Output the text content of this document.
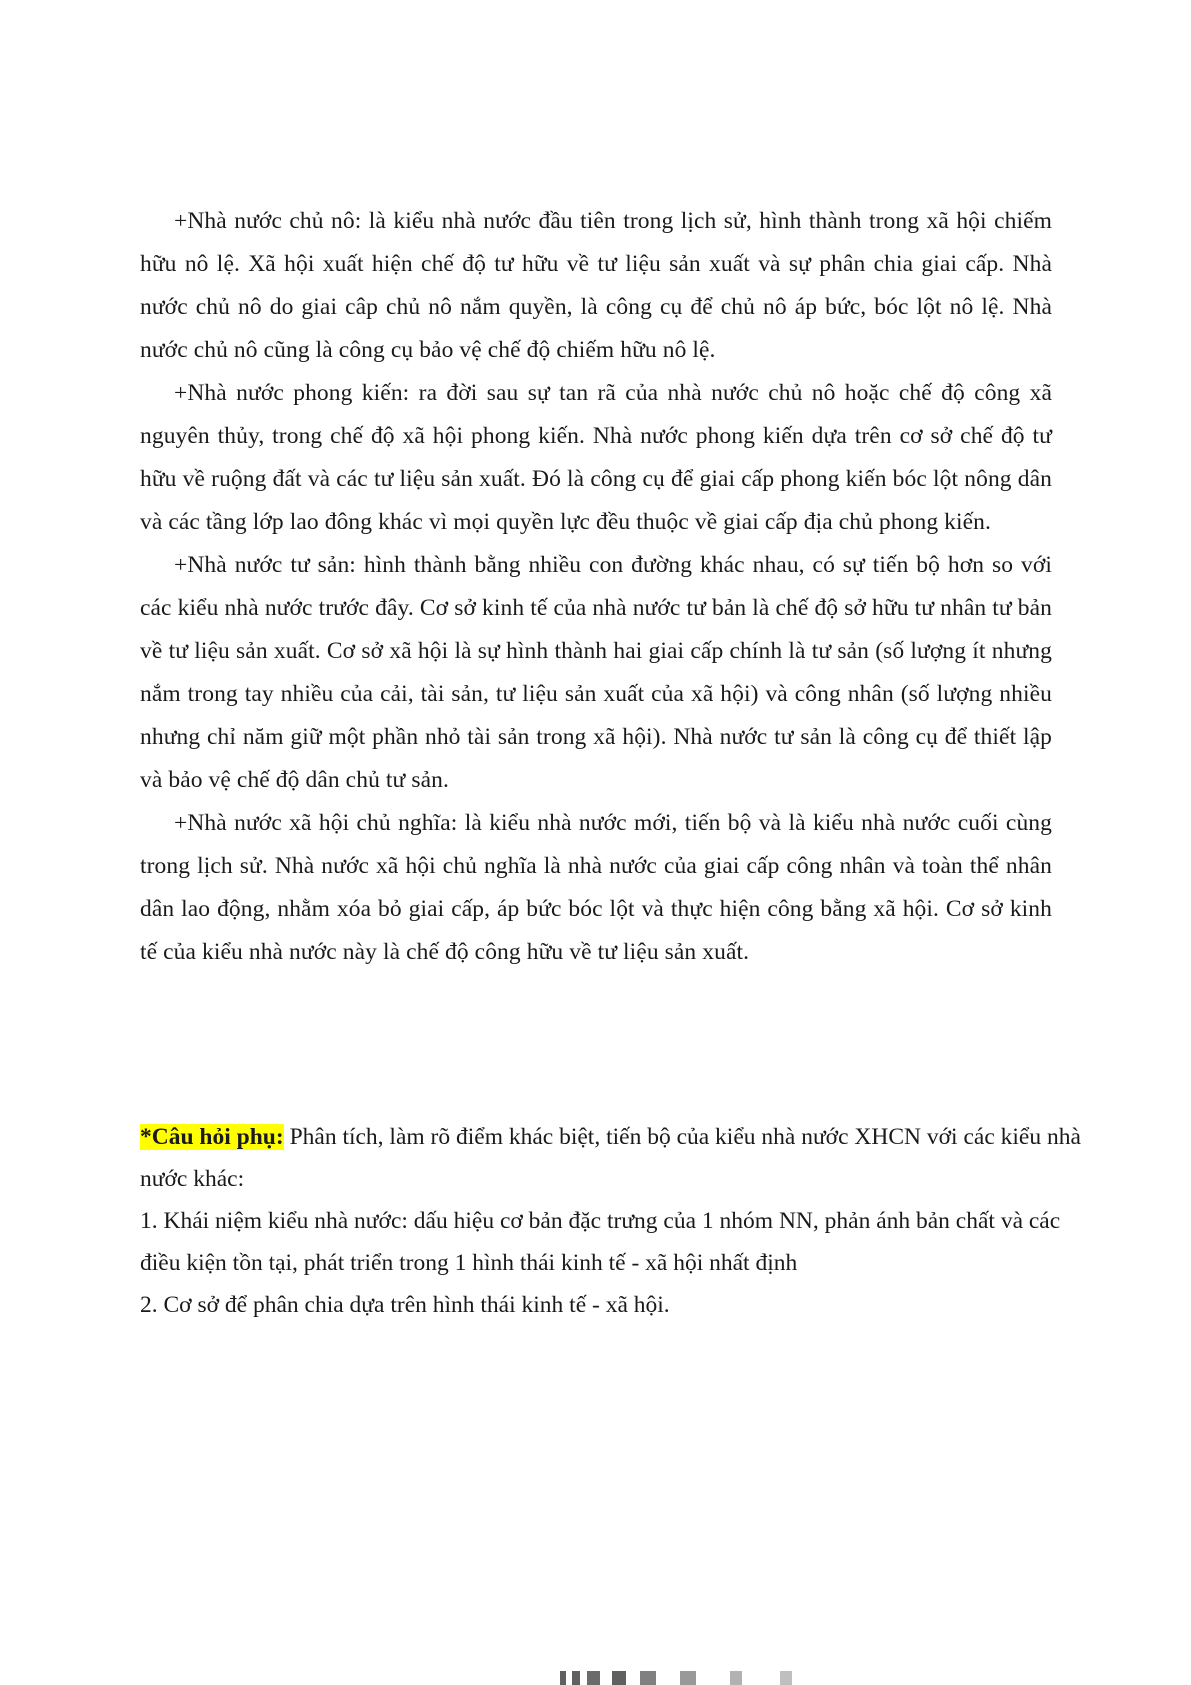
+Nhà nước chủ nô: là kiểu nhà nước đầu tiên trong lịch sử, hình thành trong xã hội chiếm hữu nô lệ. Xã hội xuất hiện chế độ tư hữu về tư liệu sản xuất và sự phân chia giai cấp. Nhà nước chủ nô do giai câp chủ nô nắm quyền, là công cụ để chủ nô áp bức, bóc lột nô lệ. Nhà nước chủ nô cũng là công cụ bảo vệ chế độ chiếm hữu nô lệ.

+Nhà nước phong kiến: ra đời sau sự tan rã của nhà nước chủ nô hoặc chế độ công xã nguyên thủy, trong chế độ xã hội phong kiến. Nhà nước phong kiến dựa trên cơ sở chế độ tư hữu về ruộng đất và các tư liệu sản xuất. Đó là công cụ để giai cấp phong kiến bóc lột nông dân và các tầng lớp lao đông khác vì mọi quyền lực đều thuộc về giai cấp địa chủ phong kiến.

+Nhà nước tư sản: hình thành bằng nhiều con đường khác nhau, có sự tiến bộ hơn so với các kiểu nhà nước trước đây. Cơ sở kinh tế của nhà nước tư bản là chế độ sở hữu tư nhân tư bản về tư liệu sản xuất. Cơ sở xã hội là sự hình thành hai giai cấp chính là tư sản (số lượng ít nhưng nắm trong tay nhiều của cải, tài sản, tư liệu sản xuất của xã hội) và công nhân (số lượng nhiều nhưng chỉ năm giữ một phần nhỏ tài sản trong xã hội). Nhà nước tư sản là công cụ để thiết lập và bảo vệ chế độ dân chủ tư sản.

+Nhà nước xã hội chủ nghĩa: là kiểu nhà nước mới, tiến bộ và là kiểu nhà nước cuối cùng trong lịch sử. Nhà nước xã hội chủ nghĩa là nhà nước của giai cấp công nhân và toàn thể nhân dân lao động, nhằm xóa bỏ giai cấp, áp bức bóc lột và thực hiện công bằng xã hội. Cơ sở kinh tế của kiểu nhà nước này là chế độ công hữu về tư liệu sản xuất.

*Câu hỏi phụ: Phân tích, làm rõ điểm khác biệt, tiến bộ của kiểu nhà nước XHCN với các kiểu nhà nước khác:

1. Khái niệm kiểu nhà nước: dấu hiệu cơ bản đặc trưng của 1 nhóm NN, phản ánh bản chất và các điều kiện tồn tại, phát triển trong 1 hình thái kinh tế - xã hội nhất định

2. Cơ sở để phân chia dựa trên hình thái kinh tế - xã hội.
